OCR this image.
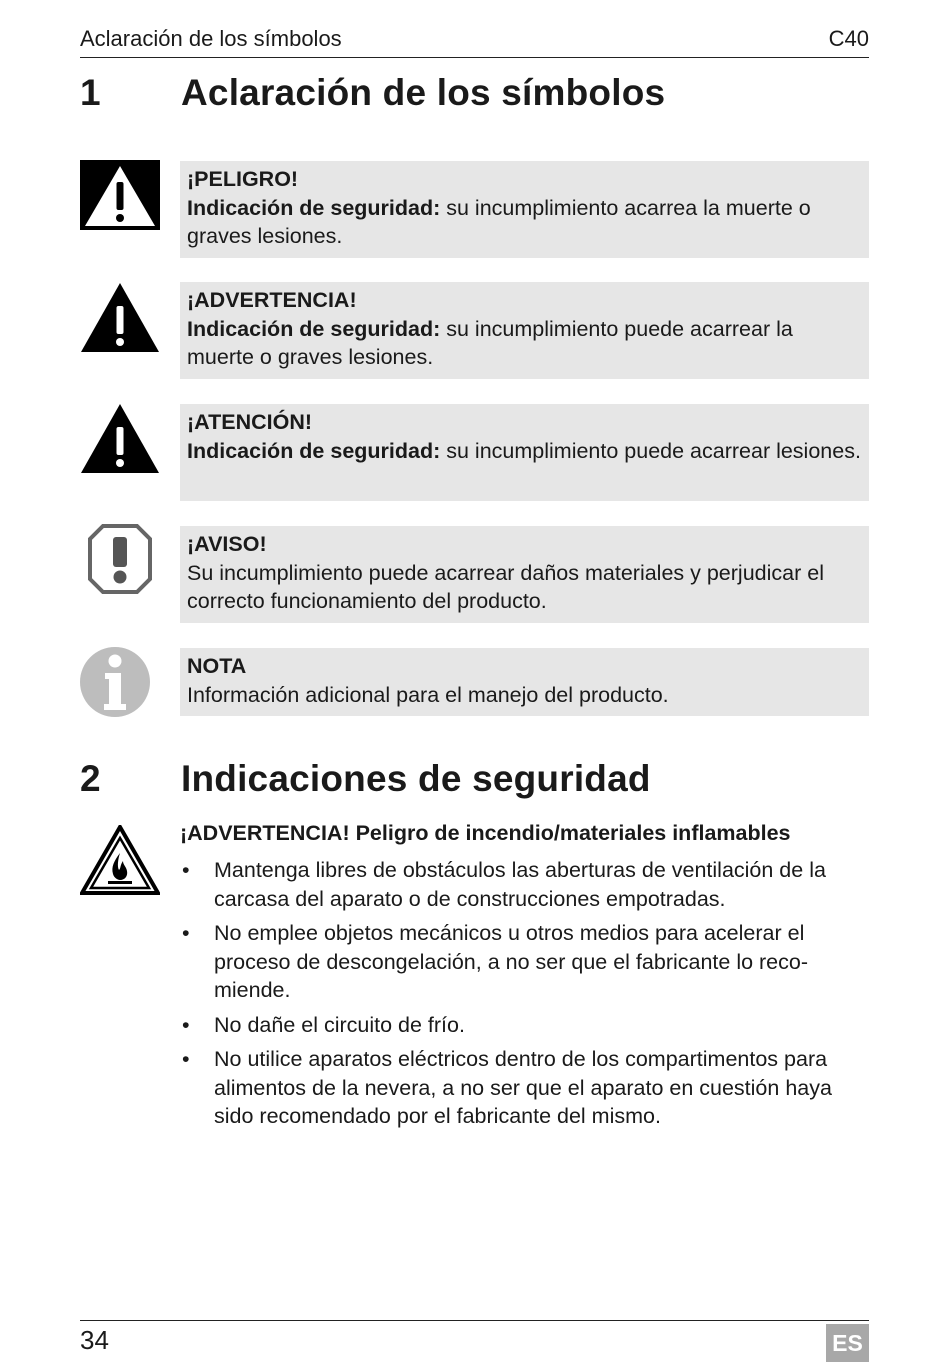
Aclaración de los símbolos	C40
1 Aclaración de los símbolos
¡PELIGRO!
Indicación de seguridad: su incumplimiento acarrea la muerte o graves lesiones.
¡ADVERTENCIA!
Indicación de seguridad: su incumplimiento puede acarrear la muerte o graves lesiones.
¡ATENCIÓN!
Indicación de seguridad: su incumplimiento puede acarrear lesiones.
¡AVISO!
Su incumplimiento puede acarrear daños materiales y perjudicar el correcto funcionamiento del producto.
NOTA
Información adicional para el manejo del producto.
2 Indicaciones de seguridad
¡ADVERTENCIA! Peligro de incendio/materiales inflamables
• Mantenga libres de obstáculos las aberturas de ventilación de la carcasa del aparato o de construcciones empotradas.
• No emplee objetos mecánicos u otros medios para acelerar el proceso de descongelación, a no ser que el fabricante lo reco-miende.
• No dañe el circuito de frío.
• No utilice aparatos eléctricos dentro de los compartimentos para alimentos de la nevera, a no ser que el aparato en cuestión haya sido recomendado por el fabricante del mismo.
34	ES
